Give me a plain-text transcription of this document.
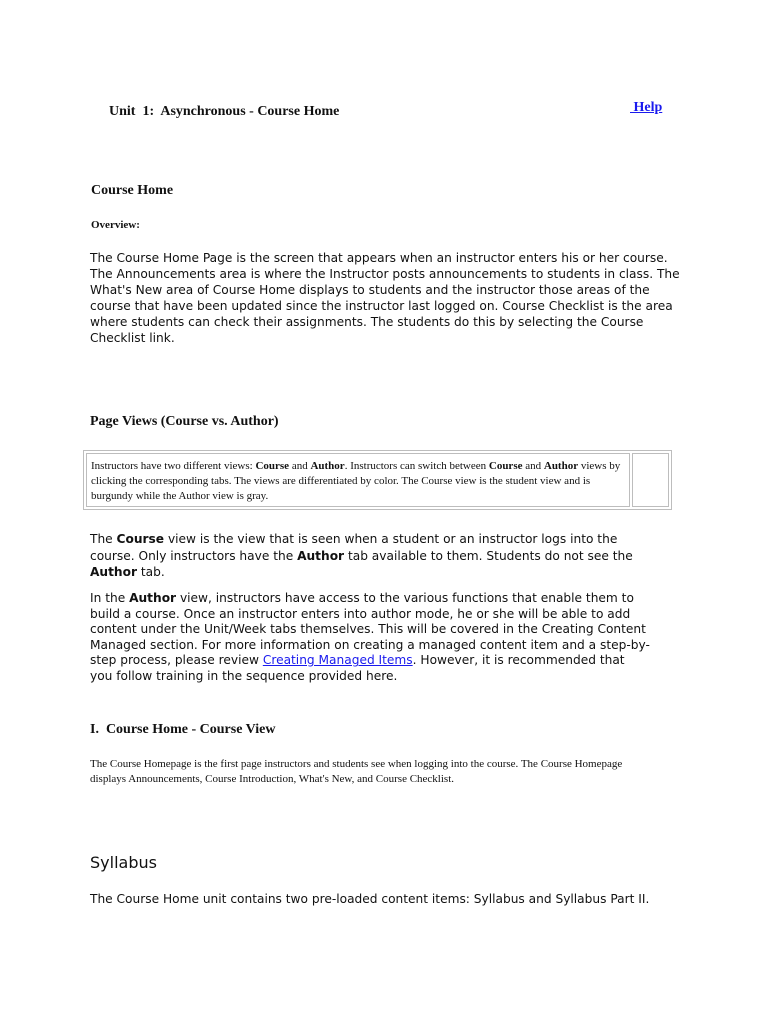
Unit  1:  Asynchronous - Course Home	Help
Course Home
Overview:
The Course Home Page is the screen that appears when an instructor enters his or her course. The Announcements area is where the Instructor posts announcements to students in class. The What's New area of Course Home displays to students and the instructor those areas of the course that have been updated since the instructor last logged on. Course Checklist is the area where students can check their assignments. The students do this by selecting the Course Checklist link.
Page Views (Course vs. Author)
Instructors have two different views: Course and Author. Instructors can switch between Course and Author views by clicking the corresponding tabs. The views are differentiated by color. The Course view is the student view and is burgundy while the Author view is gray.
The Course view is the view that is seen when a student or an instructor logs into the course. Only instructors have the Author tab available to them. Students do not see the Author tab.
In the Author view, instructors have access to the various functions that enable them to build a course. Once an instructor enters into author mode, he or she will be able to add content under the Unit/Week tabs themselves. This will be covered in the Creating Content Managed section. For more information on creating a managed content item and a step-by-step process, please review Creating Managed Items. However, it is recommended that you follow training in the sequence provided here.
I.  Course Home - Course View
The Course Homepage is the first page instructors and students see when logging into the course. The Course Homepage displays Announcements, Course Introduction, What's New, and Course Checklist.
Syllabus
The Course Home unit contains two pre-loaded content items: Syllabus and Syllabus Part II.
